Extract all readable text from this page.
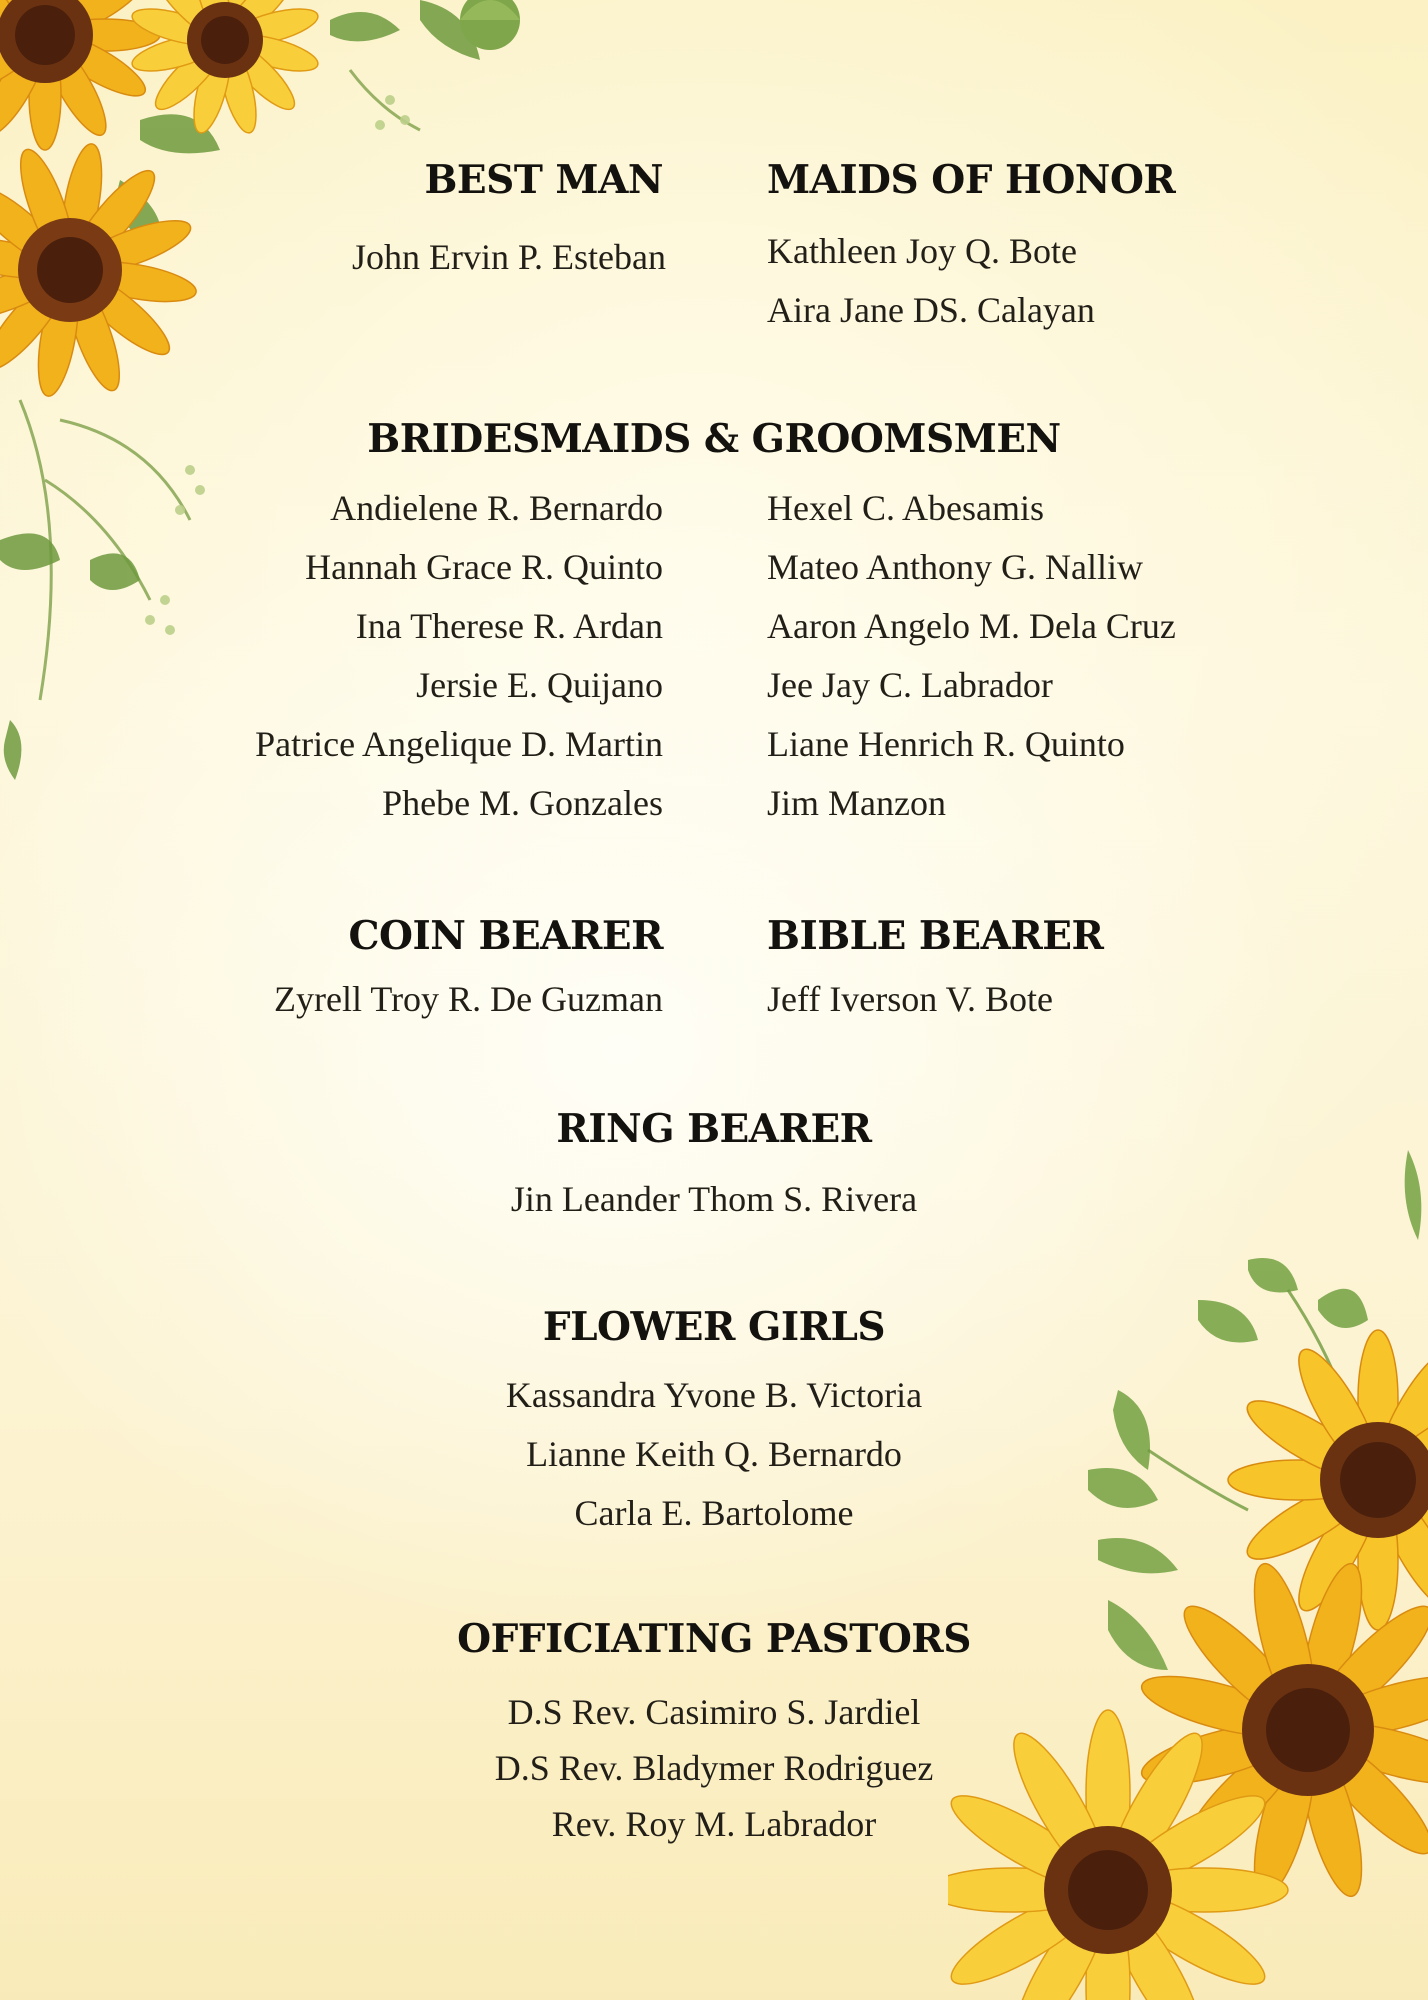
BEST MAN
John Ervin P. Esteban
MAIDS OF HONOR
Kathleen Joy Q. Bote
Aira Jane DS. Calayan
BRIDESMAIDS & GROOMSMEN
Andielene R. Bernardo
Hannah Grace R. Quinto
Ina Therese R. Ardan
Jersie E. Quijano
Patrice Angelique D. Martin
Phebe M. Gonzales
Hexel C. Abesamis
Mateo Anthony G. Nalliw
Aaron Angelo M. Dela Cruz
Jee Jay C. Labrador
Liane Henrich R. Quinto
Jim Manzon
COIN BEARER
Zyrell Troy R. De Guzman
BIBLE BEARER
Jeff Iverson V. Bote
RING BEARER
Jin Leander Thom S. Rivera
FLOWER GIRLS
Kassandra Yvone B. Victoria
Lianne Keith Q. Bernardo
Carla E. Bartolome
OFFICIATING PASTORS
D.S Rev. Casimiro S. Jardiel
D.S Rev. Bladymer Rodriguez
Rev. Roy M. Labrador
